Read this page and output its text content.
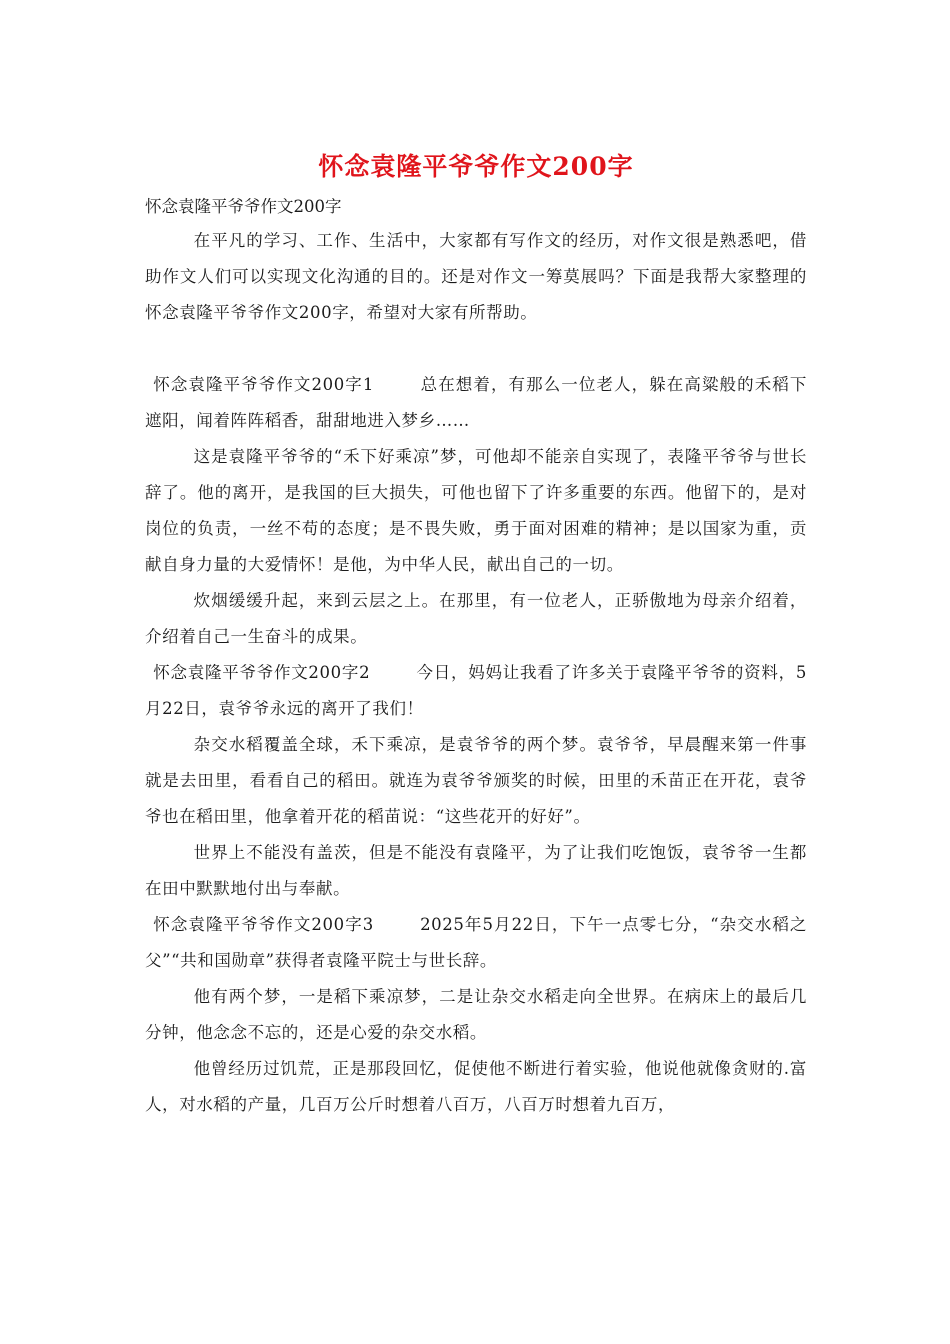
怀念袁隆平爷爷作文200字

怀念袁隆平爷爷作文200字

在平凡的学习、工作、生活中，大家都有写作文的经历，对作文很是熟悉吧，借助作文人们可以实现文化沟通的目的。还是对作文一筹莫展吗？下面是我帮大家整理的怀念袁隆平爷爷作文200字，希望对大家有所帮助。

怀念袁隆平爷爷作文200字1	总在想着，有那么一位老人，躲在高粱般的禾稻下遮阳，闻着阵阵稻香，甜甜地进入梦乡……

这是袁隆平爷爷的“禾下好乘凉”梦，可他却不能亲自实现了，表隆平爷爷与世长辞了。他的离开，是我国的巨大损失，可他也留下了许多重要的东西。他留下的，是对岗位的负责，一丝不苟的态度；是不畏失败，勇于面对困难的精神；是以国家为重，贡献自身力量的大爱情怀！是他，为中华人民，献出自己的一切。

炊烟缓缓升起，来到云层之上。在那里，有一位老人，正骄傲地为母亲介绍着，介绍着自己一生奋斗的成果。

怀念袁隆平爷爷作文200字2	今日，妈妈让我看了许多关于袁隆平爷爷的资料，5月22日，袁爷爷永远的离开了我们！

杂交水稻覆盖全球，禾下乘凉，是袁爷爷的两个梦。袁爷爷，早晨醒来第一件事就是去田里，看看自己的稻田。就连为袁爷爷颁奖的时候，田里的禾苗正在开花，袁爷爷也在稻田里，他拿着开花的稻苗说：“这些花开的好好”。

世界上不能没有盖茨，但是不能没有袁隆平，为了让我们吃饱饭，袁爷爷一生都在田中默默地付出与奉献。

怀念袁隆平爷爷作文200字3	2025年5月22日，下午一点零七分，“杂交水稻之父”“共和国勋章”获得者袁隆平院士与世长辞。

他有两个梦，一是稻下乘凉梦，二是让杂交水稻走向全世界。在病床上的最后几分钟，他念念不忘的，还是心爱的杂交水稻。

他曾经历过饥荒，正是那段回忆，促使他不断进行着实验，他说他就像贪财的.富人，对水稻的产量，几百万公斤时想着八百万，八百万时想着九百万，
